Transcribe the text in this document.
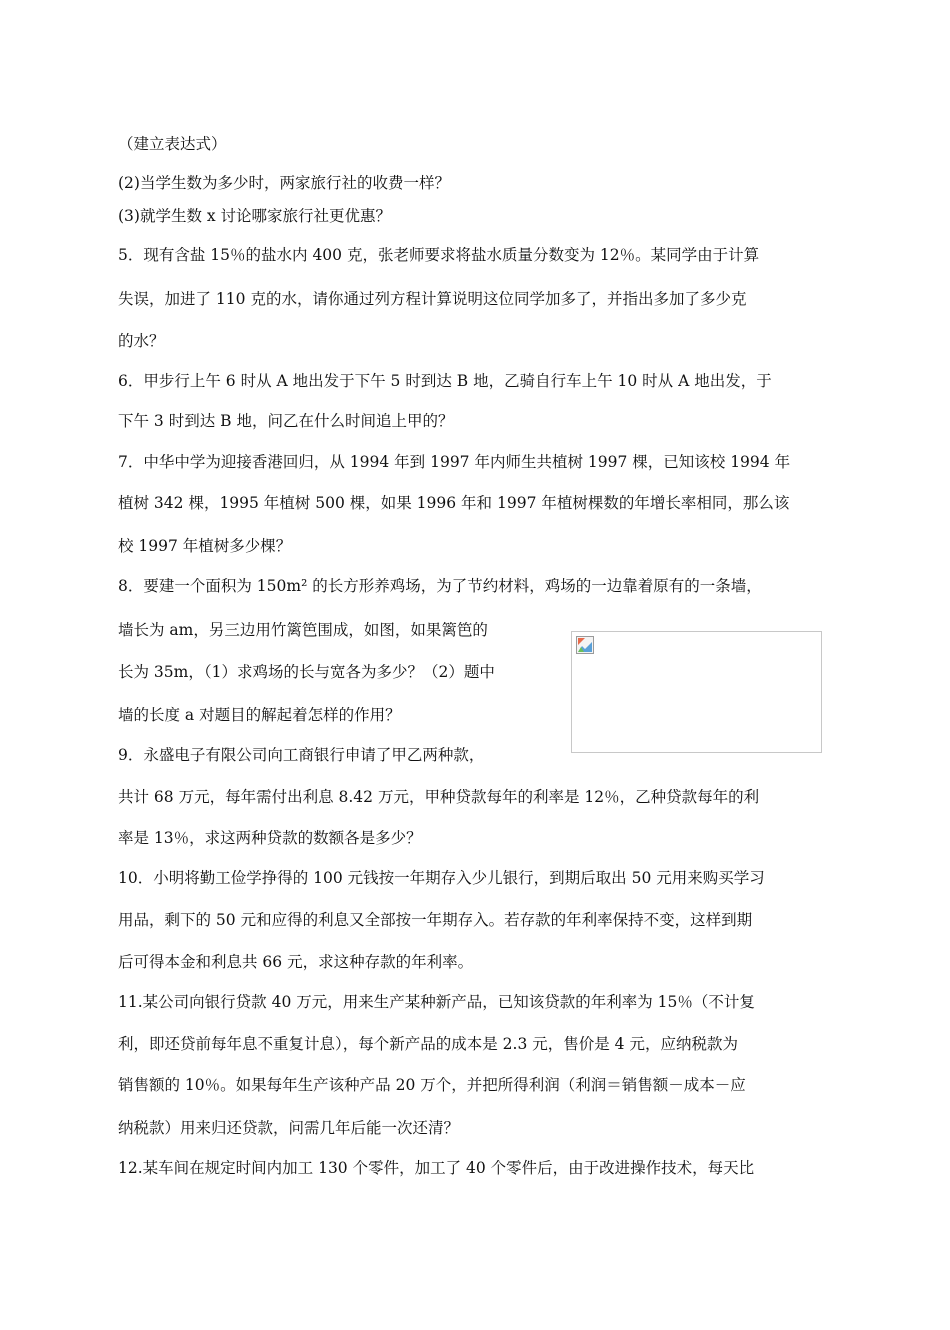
（建立表达式）
(2)当学生数为多少时，两家旅行社的收费一样？
(3)就学生数 x 讨论哪家旅行社更优惠？
5．现有含盐 15％的盐水内 400 克，张老师要求将盐水质量分数变为 12％。某同学由于计算
失误，加进了 110 克的水，请你通过列方程计算说明这位同学加多了，并指出多加了多少克
的水？
6．甲步行上午 6 时从 A 地出发于下午 5 时到达 B 地，乙骑自行车上午 10 时从 A 地出发，于
下午 3 时到达 B 地，问乙在什么时间追上甲的？
7．中华中学为迎接香港回归，从 1994 年到 1997 年内师生共植树 1997 棵，已知该校 1994 年
植树 342 棵，1995 年植树 500 棵，如果 1996 年和 1997 年植树棵数的年增长率相同，那么该
校 1997 年植树多少棵？
8．要建一个面积为 150m² 的长方形养鸡场，为了节约材料，鸡场的一边靠着原有的一条墙，
墙长为 am，另三边用竹篱笆围成，如图，如果篱笆的
长为 35m，（1）求鸡场的长与宽各为多少？（2）题中
墙的长度 a 对题目的解起着怎样的作用？
9．永盛电子有限公司向工商银行申请了甲乙两种款，
共计 68 万元，每年需付出利息 8.42 万元，甲种贷款每年的利率是 12％，乙种贷款每年的利
率是 13％，求这两种贷款的数额各是多少？
10．小明将勤工俭学挣得的 100 元钱按一年期存入少儿银行，到期后取出 50 元用来购买学习
用品，剩下的 50 元和应得的利息又全部按一年期存入。若存款的年利率保持不变，这样到期
后可得本金和利息共 66 元，求这种存款的年利率。
11.某公司向银行贷款 40 万元，用来生产某种新产品，已知该贷款的年利率为 15％（不计复
利，即还贷前每年息不重复计息），每个新产品的成本是 2.3 元，售价是 4 元，应纳税款为
销售额的 10％。如果每年生产该种产品 20 万个，并把所得利润（利润＝销售额－成本－应
纳税款）用来归还贷款，问需几年后能一次还清？
12.某车间在规定时间内加工 130 个零件，加工了 40 个零件后，由于改进操作技术，每天比
